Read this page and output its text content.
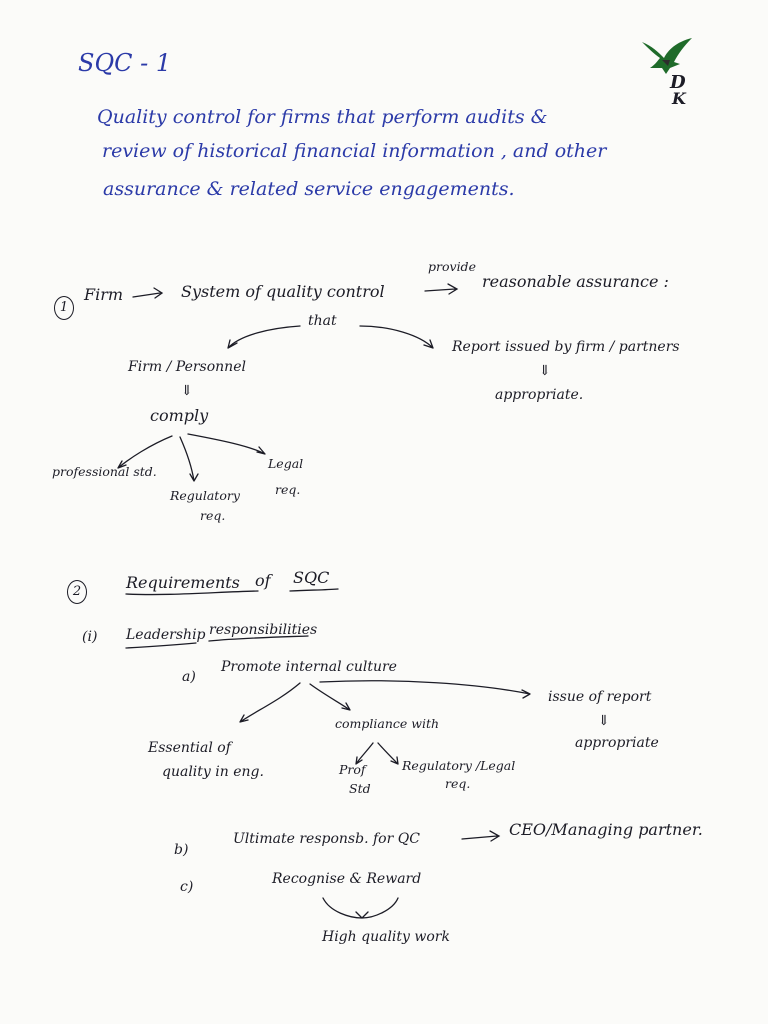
SQC - 1
D
K
Quality control for firms that perform audits &
review of historical financial information , and other
assurance & related service engagements.
1
Firm	System of quality control
provide
reasonable assurance :
that
Firm / Personnel
⇓
comply
professional std.
Regulatory
req.
Legal
req.
Report issued by firm / partners
⇓
appropriate.
2	Requirements of SQC
(i) Leadership responsibilities
a)
Promote internal culture
Essential of
quality in eng.
compliance with
Prof
Std
Regulatory /Legal
req.
issue of report
⇓
appropriate
b)
Ultimate responsb. for QC	CEO/Managing partner.
c)	Recognise & Reward
High quality work
